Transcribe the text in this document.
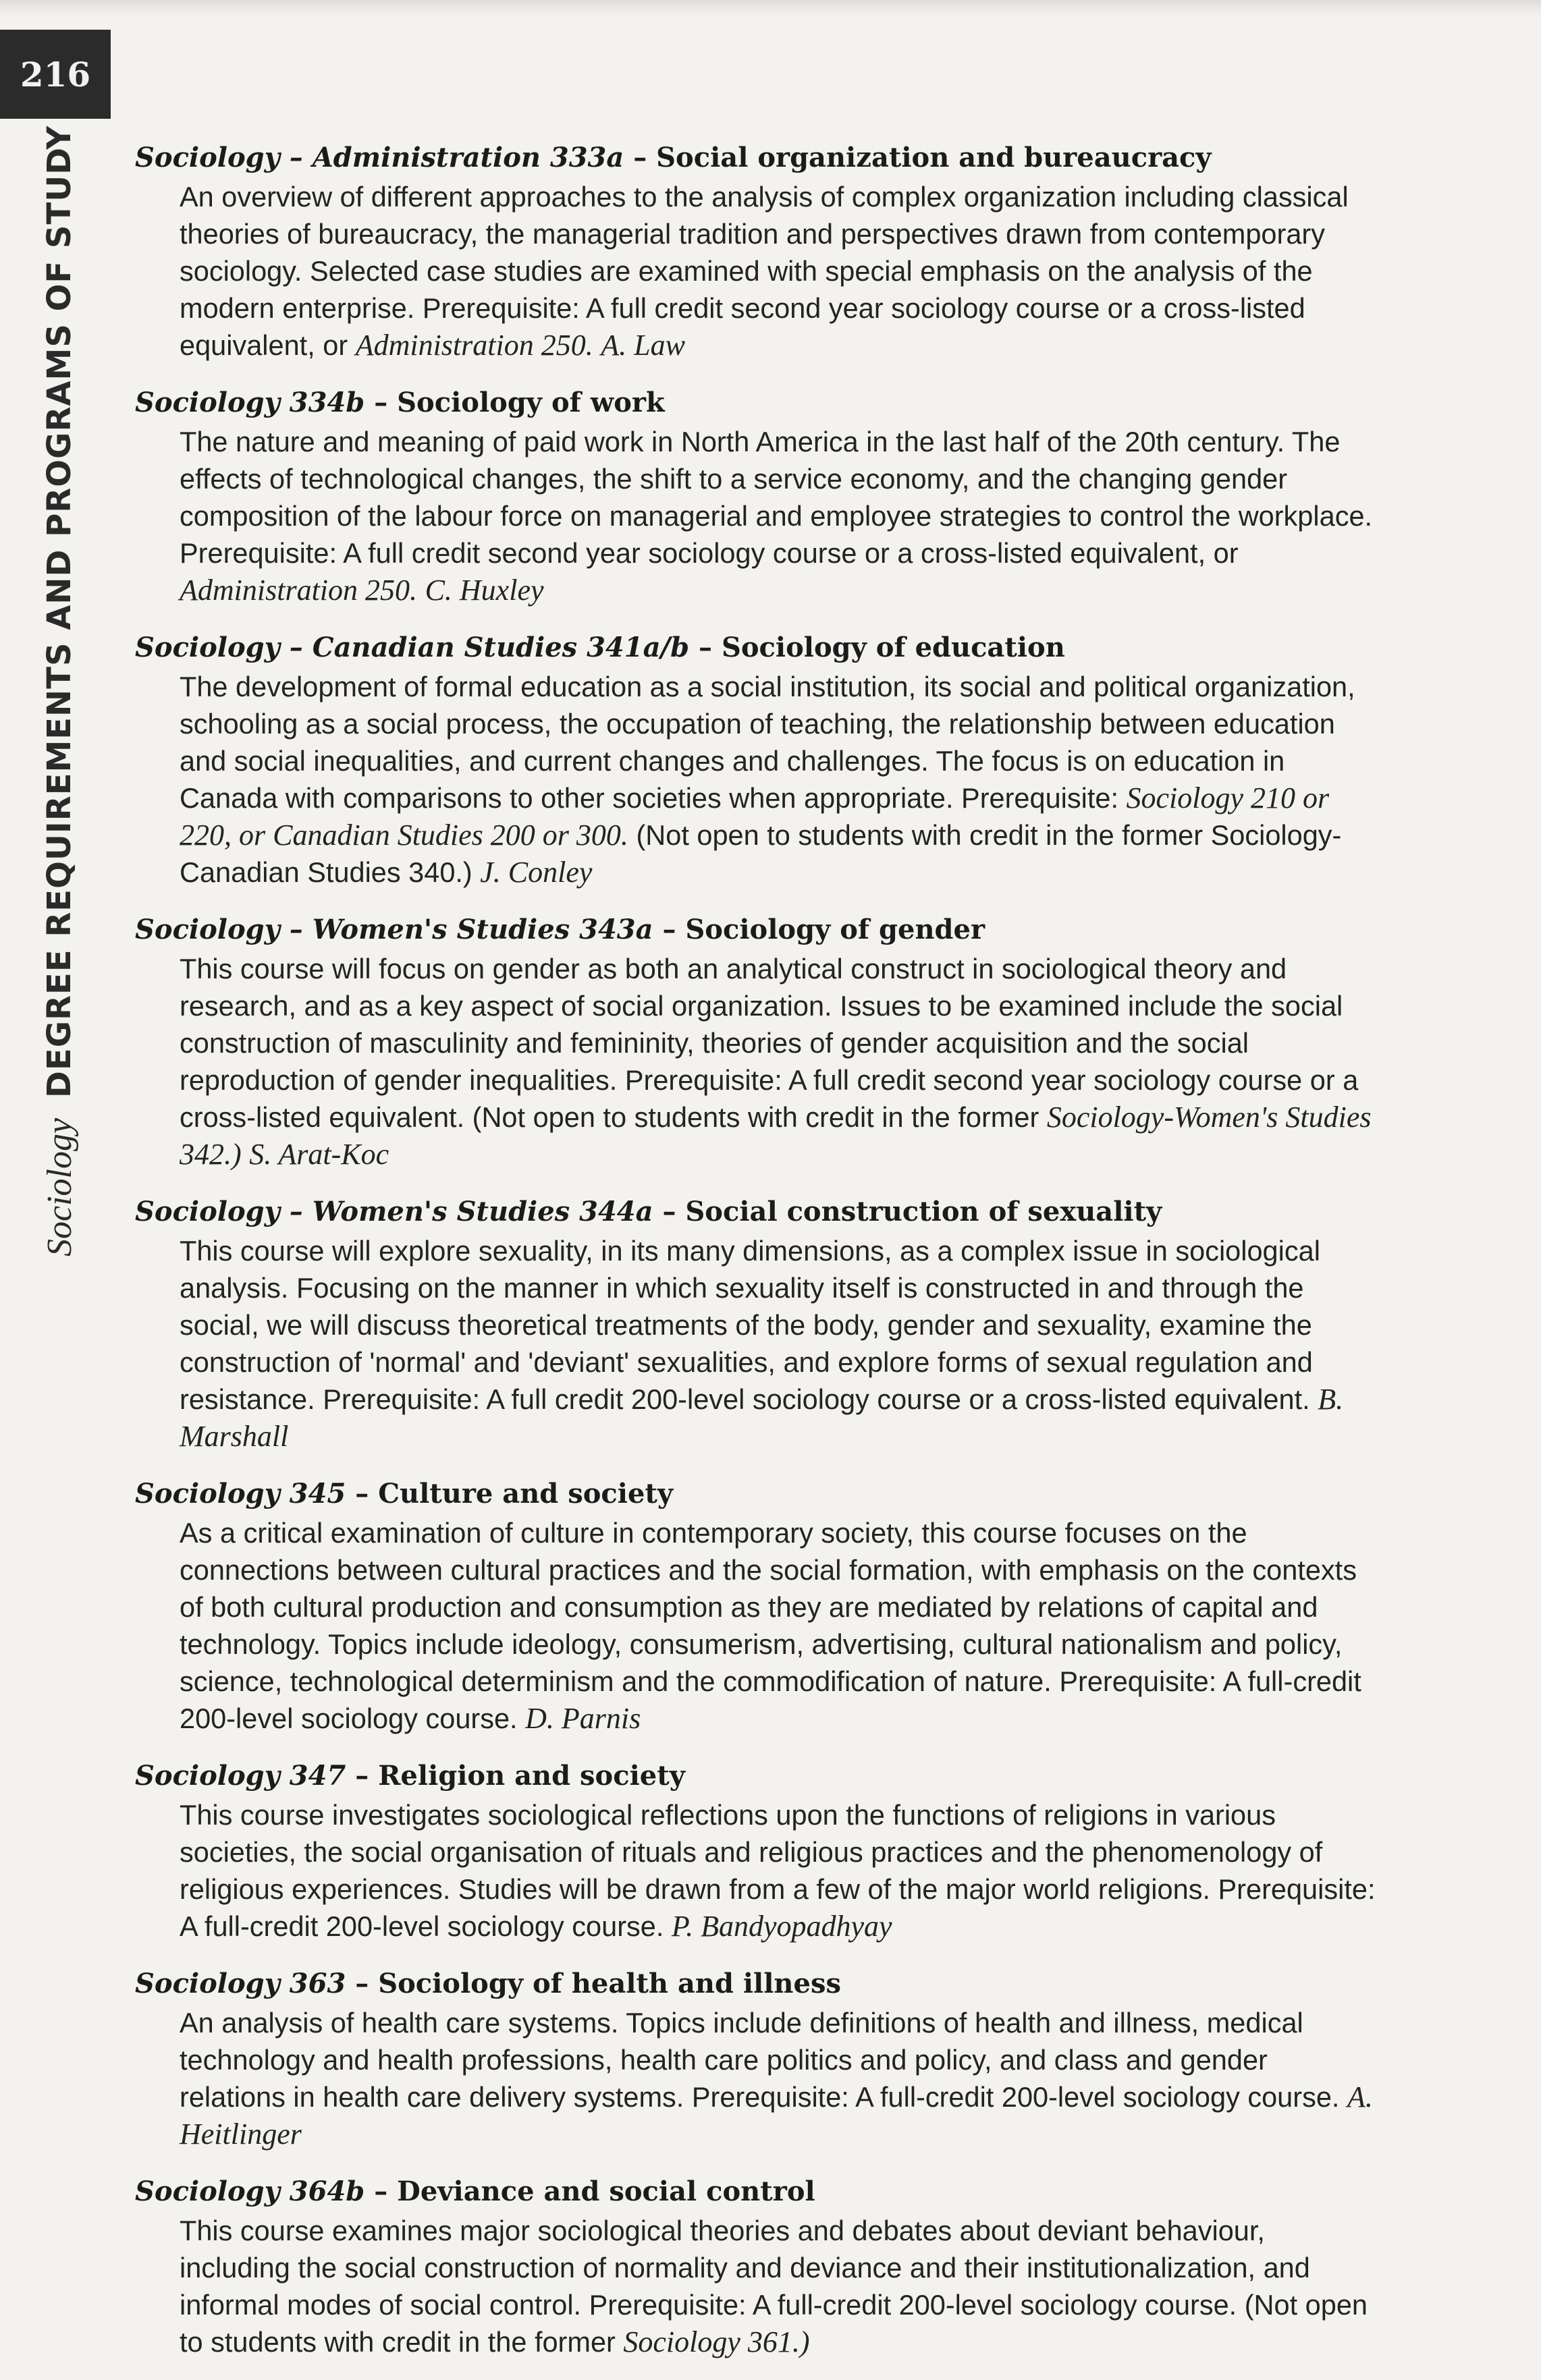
216
Sociology
DEGREE REQUIREMENTS AND PROGRAMS OF STUDY Sociology – Administration 333a – Social organization and bureaucracy
An overview of different approaches to the analysis of complex organization including classical theories of bureaucracy, the managerial tradition and perspectives drawn from contemporary sociology. Selected case studies are examined with special emphasis on the analysis of the modern enterprise. Prerequisite: A full credit second year sociology course or a cross-listed equivalent, or Administration 250. A. Law
Sociology 334b – Sociology of work
The nature and meaning of paid work in North America in the last half of the 20th century. The effects of technological changes, the shift to a service economy, and the changing gender composition of the labour force on managerial and employee strategies to control the workplace. Prerequisite: A full credit second year sociology course or a cross-listed equivalent, or Administration 250. C. Huxley
Sociology – Canadian Studies 341a/b – Sociology of education
The development of formal education as a social institution, its social and political organization, schooling as a social process, the occupation of teaching, the relationship between education and social inequalities, and current changes and challenges. The focus is on education in Canada with comparisons to other societies when appropriate. Prerequisite: Sociology 210 or 220, or Canadian Studies 200 or 300. (Not open to students with credit in the former Sociology-Canadian Studies 340.) J. Conley
Sociology – Women's Studies 343a – Sociology of gender
This course will focus on gender as both an analytical construct in sociological theory and research, and as a key aspect of social organization. Issues to be examined include the social construction of masculinity and femininity, theories of gender acquisition and the social reproduction of gender inequalities. Prerequisite: A full credit second year sociology course or a cross-listed equivalent. (Not open to students with credit in the former Sociology-Women's Studies 342.) S. Arat-Koc
Sociology – Women's Studies 344a – Social construction of sexuality
This course will explore sexuality, in its many dimensions, as a complex issue in sociological analysis. Focusing on the manner in which sexuality itself is constructed in and through the social, we will discuss theoretical treatments of the body, gender and sexuality, examine the construction of 'normal' and 'deviant' sexualities, and explore forms of sexual regulation and resistance. Prerequisite: A full credit 200-level sociology course or a cross-listed equivalent. B. Marshall
Sociology 345 – Culture and society
As a critical examination of culture in contemporary society, this course focuses on the connections between cultural practices and the social formation, with emphasis on the contexts of both cultural production and consumption as they are mediated by relations of capital and technology. Topics include ideology, consumerism, advertising, cultural nationalism and policy, science, technological determinism and the commodification of nature. Prerequisite: A full-credit 200-level sociology course. D. Parnis
Sociology 347 – Religion and society
This course investigates sociological reflections upon the functions of religions in various societies, the social organisation of rituals and religious practices and the phenomenology of religious experiences. Studies will be drawn from a few of the major world religions. Prerequisite: A full-credit 200-level sociology course. P. Bandyopadhyay
Sociology 363 – Sociology of health and illness
An analysis of health care systems. Topics include definitions of health and illness, medical technology and health professions, health care politics and policy, and class and gender relations in health care delivery systems. Prerequisite: A full-credit 200-level sociology course. A. Heitlinger
Sociology 364b – Deviance and social control
This course examines major sociological theories and debates about deviant behaviour, including the social construction of normality and deviance and their institutionalization, and informal modes of social control. Prerequisite: A full-credit 200-level sociology course. (Not open to students with credit in the former Sociology 361.)
